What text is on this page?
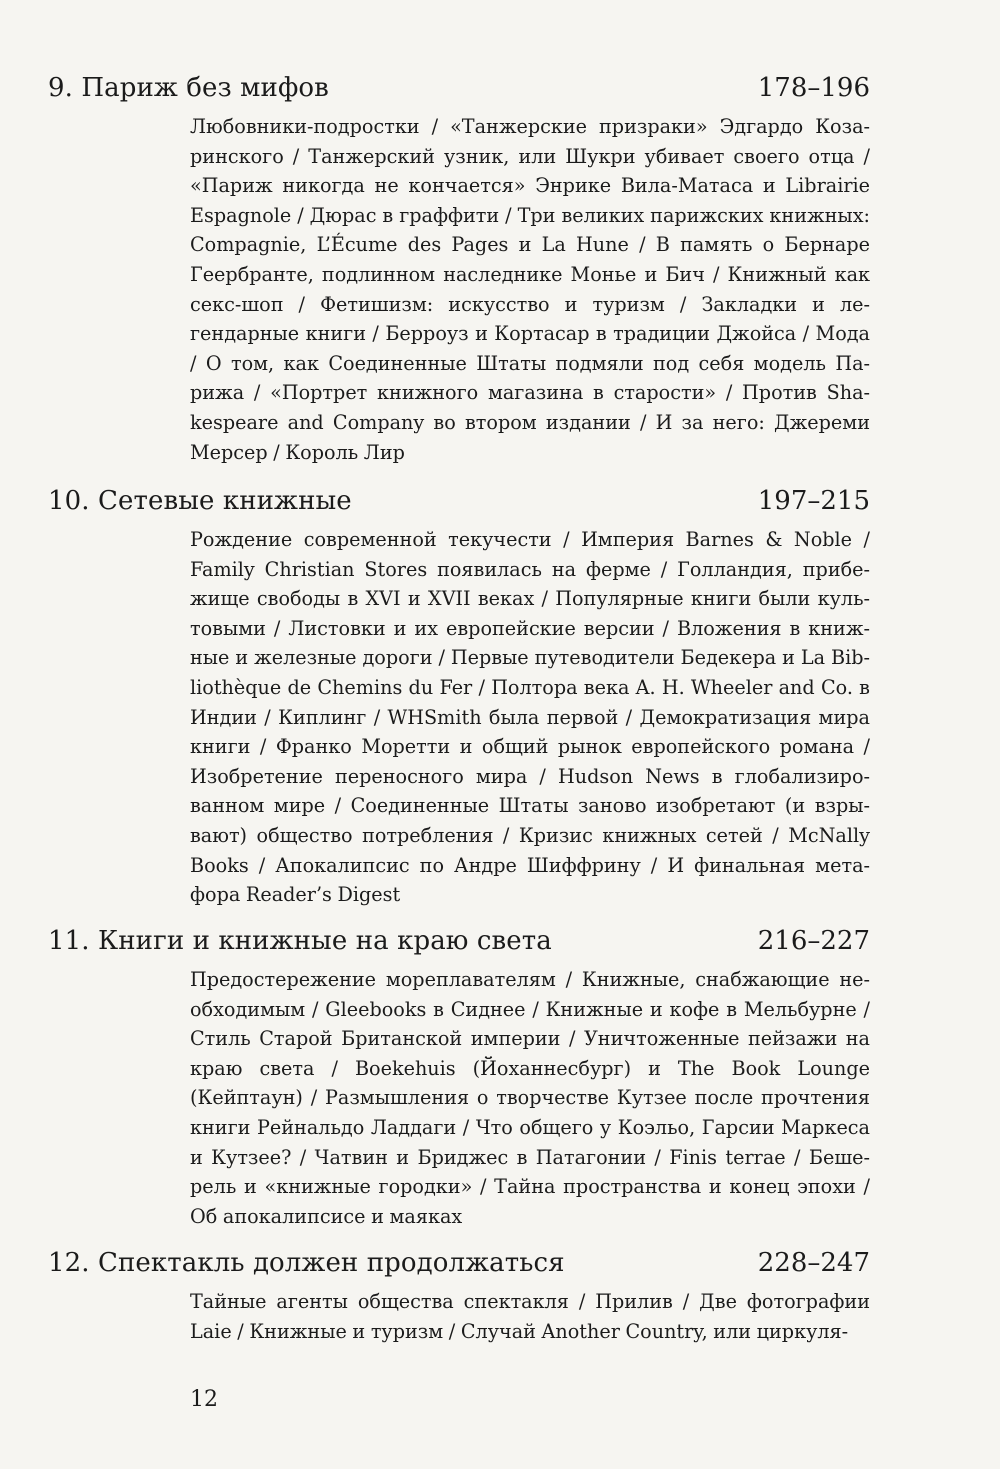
9. Париж без мифов	178–196

Любовники-подростки / «Танжерские призраки» Эдгардо Козаринского / Танжерский узник, или Шукри убивает своего отца / «Париж никогда не кончается» Энрике Вила-Матаса и Librairie Espagnole / Дюрас в граффити / Три великих парижских книжных: Compagnie, L’Écume des Pages и La Hune / В память о Бернаре Геербранте, подлинном наследнике Монье и Бич / Книжный как секс-шоп / Фетишизм: искусство и туризм / Закладки и легендарные книги / Берроуз и Кортасар в традиции Джойса / Мода / О том, как Соединенные Штаты подмяли под себя модель Парижа / «Портрет книжного магазина в старости» / Против Shakespeare and Company во втором издании / И за него: Джереми Мерсер / Король Лир

10. Сетевые книжные	197–215

Рождение современной текучести / Империя Barnes & Noble / Family Christian Stores появилась на ферме / Голландия, прибежище свободы в XVI и XVII веках / Популярные книги были культовыми / Листовки и их европейские версии / Вложения в книжные и железные дороги / Первые путеводители Бедекера и La Bibliothèque de Chemins du Fer / Полтора века A. H. Wheeler and Co. в Индии / Киплинг / WHSmith была первой / Демократизация мира книги / Франко Моретти и общий рынок европейского романа / Изобретение переносного мира / Hudson News в глобализированном мире / Соединенные Штаты заново изобретают (и взрывают) общество потребления / Кризис книжных сетей / McNally Books / Апокалипсис по Андре Шиффрину / И финальная метафора Reader’s Digest

11. Книги и книжные на краю света	216–227

Предостережение мореплавателям / Книжные, снабжающие необходимым / Gleebooks в Сиднее / Книжные и кофе в Мельбурне / Стиль Старой Британской империи / Уничтоженные пейзажи на краю света / Boekehuis (Йоханнесбург) и The Book Lounge (Кейптаун) / Размышления о творчестве Кутзее после прочтения книги Рейнальдо Ладдаги / Что общего у Коэльо, Гарсии Маркеса и Кутзее? / Чатвин и Бриджес в Патагонии / Finis terrae / Бешерель и «книжные городки» / Тайна пространства и конец эпохи / Об апокалипсисе и маяках

12. Спектакль должен продолжаться	228–247

Тайные агенты общества спектакля / Прилив / Две фотографии Laie / Книжные и туризм / Случай Another Country, или циркуля-

12
